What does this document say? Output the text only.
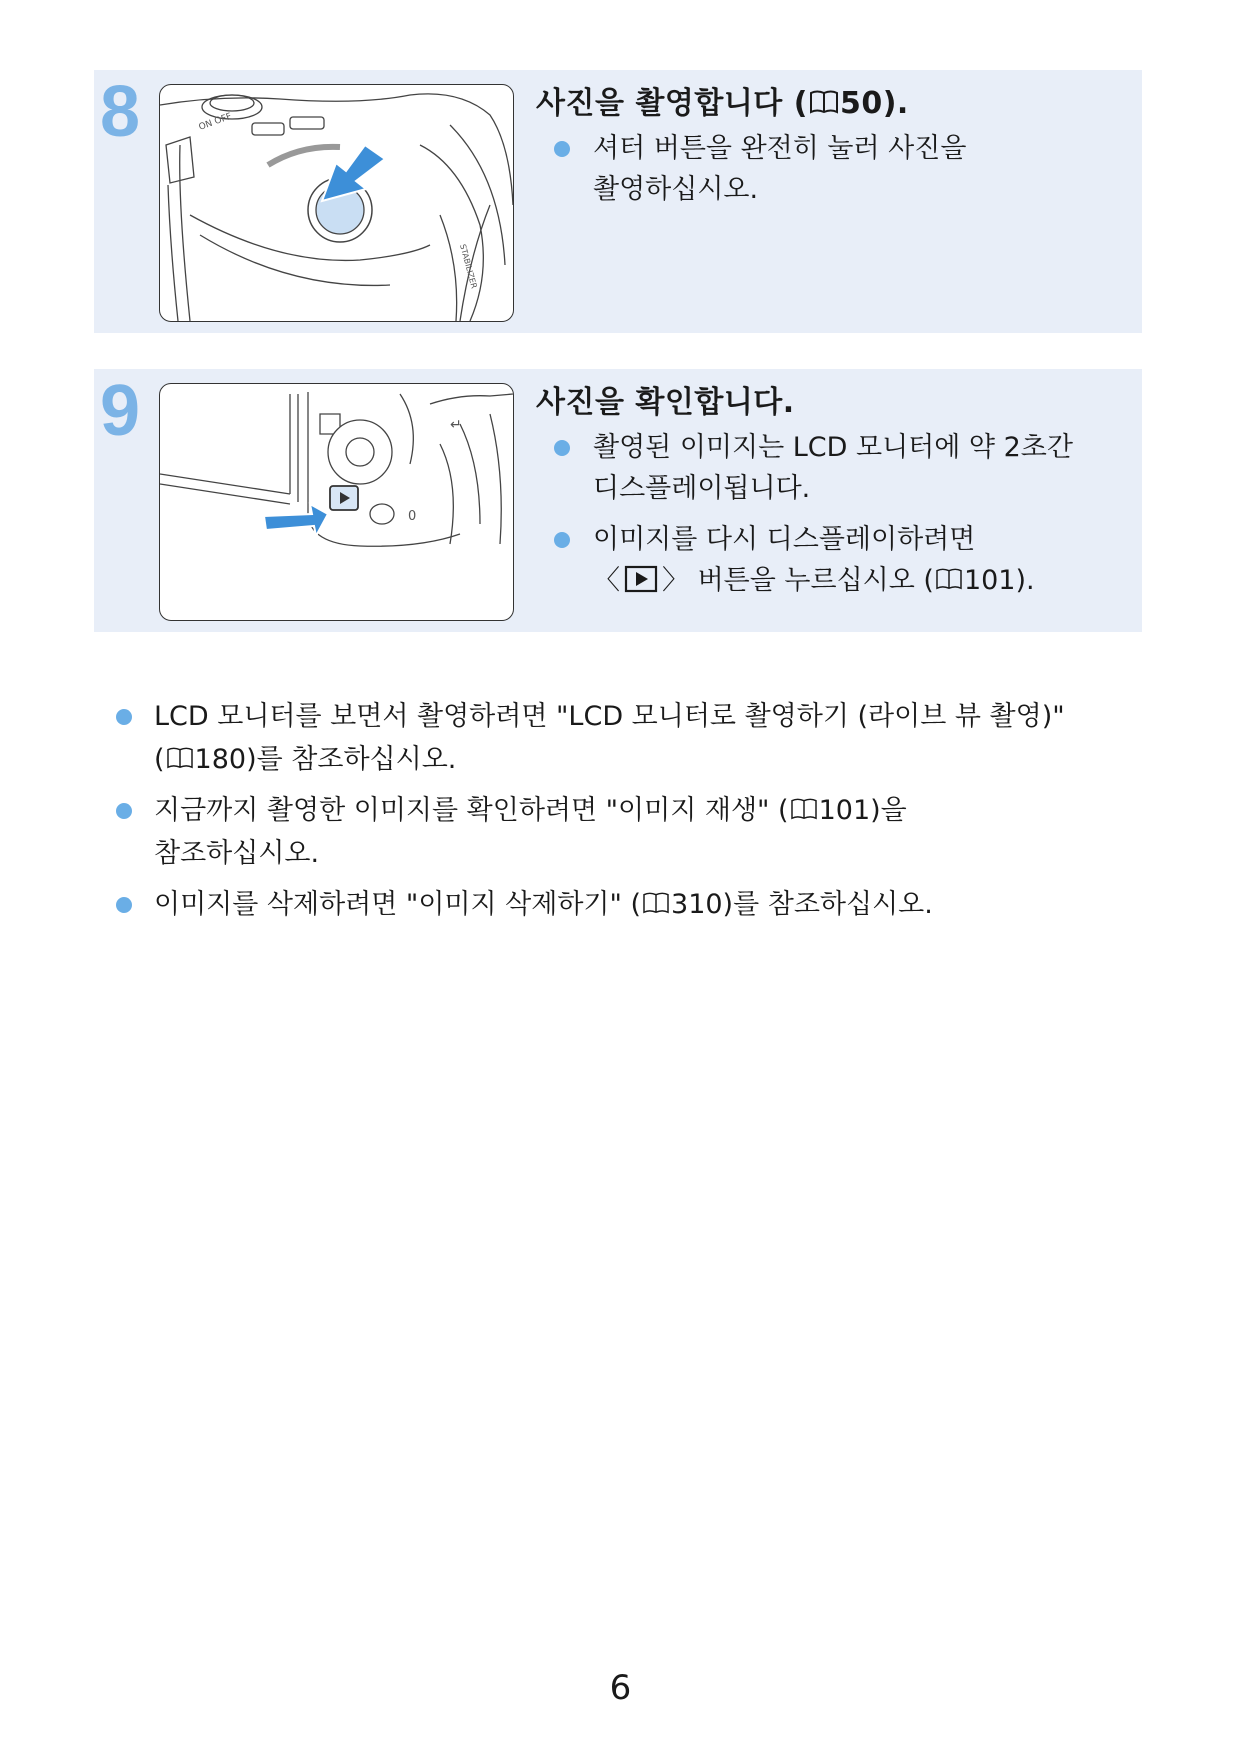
8	ON OFF
STABILIZER
사진을 촬영합니다 ( 50).
셔터 버튼을 완전히 눌러 사진을
촬영하십시오.
9	↵
0
사진을 확인합니다.
촬영된 이미지는 LCD 모니터에 약 2초간
디스플레이됩니다.
이미지를 다시 디스플레이하려면
〈 〉 버튼을 누르십시오 ( 101).
LCD 모니터를 보면서 촬영하려면 "LCD 모니터로 촬영하기 (라이브 뷰 촬영)"
( 180)를 참조하십시오.
지금까지 촬영한 이미지를 확인하려면 "이미지 재생" ( 101)을
참조하십시오.
이미지를 삭제하려면 "이미지 삭제하기" ( 310)를 참조하십시오.
6
